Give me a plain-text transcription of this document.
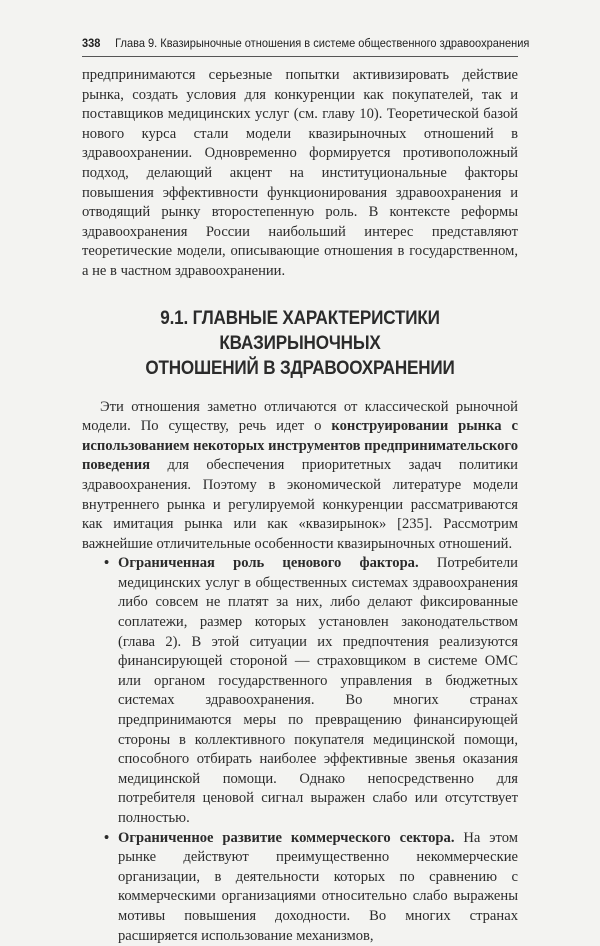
338 Глава 9. Квазирыночные отношения в системе общественного здравоохранения

предпринимаются серьезные попытки активизировать действие рынка, создать условия для конкуренции как покупателей, так и поставщиков медицинских услуг (см. главу 10). Теоретической базой нового курса стали модели квазирыночных отношений в здравоохранении. Одновременно формируется противоположный подход, делающий акцент на институциональные факторы повышения эффективности функционирования здравоохранения и отводящий рынку второстепенную роль. В контексте реформы здравоохранения России наибольший интерес представляют теоретические модели, описывающие отношения в государственном, а не в частном здравоохранении.

9.1. ГЛАВНЫЕ ХАРАКТЕРИСТИКИ КВАЗИРЫНОЧНЫХ
ОТНОШЕНИЙ В ЗДРАВООХРАНЕНИИ

Эти отношения заметно отличаются от классической рыночной модели. По существу, речь идет о конструировании рынка с использованием некоторых инструментов предпринимательского поведения для обеспечения приоритетных задач политики здравоохранения. Поэтому в экономической литературе модели внутреннего рынка и регулируемой конкуренции рассматриваются как имитация рынка или как «квазирынок» [235]. Рассмотрим важнейшие отличительные особенности квазирыночных отношений.

• Ограниченная роль ценового фактора. Потребители медицинских услуг в общественных системах здравоохранения либо совсем не платят за них, либо делают фиксированные соплатежи, размер которых установлен законодательством (глава 2). В этой ситуации их предпочтения реализуются финансирующей стороной — страховщиком в системе ОМС или органом государственного управления в бюджетных системах здравоохранения. Во многих странах предпринимаются меры по превращению финансирующей стороны в коллективного покупателя медицинской помощи, способного отбирать наиболее эффективные звенья оказания медицинской помощи. Однако непосредственно для потребителя ценовой сигнал выражен слабо или отсутствует полностью.
• Ограниченное развитие коммерческого сектора. На этом рынке действуют преимущественно некоммерческие организации, в деятельности которых по сравнению с коммерческими организациями относительно слабо выражены мотивы повышения доходности. Во многих странах расширяется использование механизмов,
